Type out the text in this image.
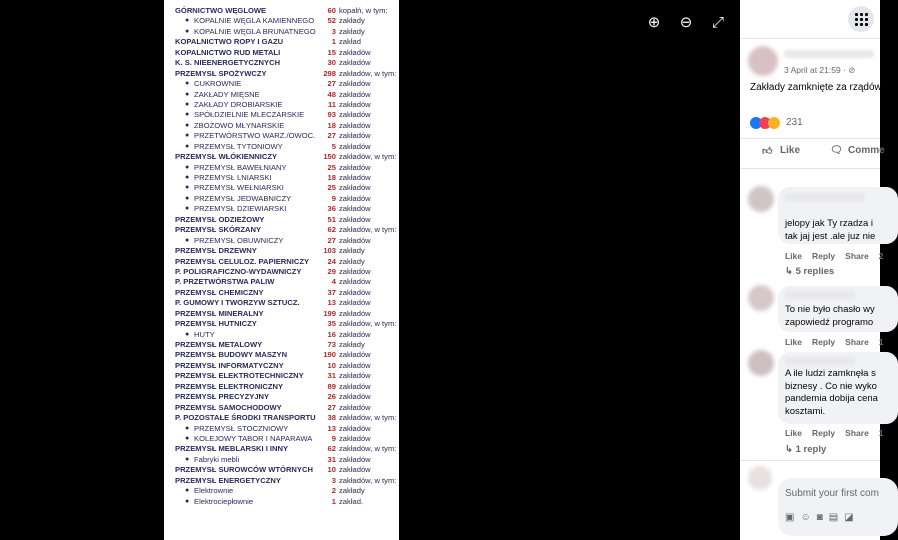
GÓRNICTWO WĘGLOWE	60 kopalń, w tym:
● KOPALNIE WĘGLA KAMIENNEGO	52 zakłady
● KOPALNIE WĘGLA BRUNATNEGO	3 zakłady
KOPALNICTWO ROPY I GAZU	1 zakład
KOPALNICTWO RUD METALI	15 zakładów
K. S. NIEENERGETYCZNYCH	30 zakładów
PRZEMYSŁ SPOŻYWCZY	298 zakładów, w tym:
● CUKROWNIE	27 zakładów
● ZAKŁADY MIĘSNE	48 zakładów
● ZAKŁADY DROBIARSKIE	11 zakładów
● SPÓŁDZIELNIE MLECZARSKIE	93 zakładów
● ZBOŻOWO MŁYNARSKIE	18 zakładów
● PRZETWÓRSTWO WARZ./OWOC.	27 zakładów
● PRZEMYSŁ TYTONIOWY	5 zakładów
PRZEMYSŁ WŁÓKIENNICZY	150 zakładów, w tym:
● PRZEMYSŁ BAWEŁNIANY	25 zakładów
● PRZEMYSŁ LNIARSKI	18 zakładów
● PRZEMYSŁ WEŁNIARSKI	25 zakładów
● PRZEMYSŁ JEDWABNICZY	9 zakładów
● PRZEMYSŁ DZIEWIARSKI	36 zakładów
PRZEMYSŁ ODZIEŻOWY	51 zakładów
PRZEMYSŁ SKÓRZANY	62 zakładów, w tym:
● PRZEMYSŁ OBUWNICZY	27 zakładów
PRZEMYSŁ DRZEWNY	103 zakłady
PRZEMYSŁ CELULOZ. PAPIERNICZY	24 zakłady
P. POLIGRAFICZNO-WYDAWNICZY	29 zakładów
P. PRZETWÓRSTWA PALIW	4 zakładów
PRZEMYSŁ CHEMICZNY	37 zakładów
P. GUMOWY I TWORZYW SZTUCZ.	13 zakładów
PRZEMYSŁ MINERALNY	199 zakładów
PRZEMYSŁ HUTNICZY	35 zakładów, w tym:
● HUTY	16 zakładów
PRZEMYSŁ METALOWY	73 zakłady
PRZEMYSŁ BUDOWY MASZYN	190 zakładów
PRZEMYSŁ INFORMATYCZNY	10 zakładów
PRZEMYSŁ ELEKTROTECHNICZNY	31 zakładów
PRZEMYSŁ ELEKTRONICZNY	89 zakładów
PRZEMYSŁ PRECYZYJNY	26 zakładów
PRZEMYSŁ SAMOCHODOWY	27 zakładów
P. POZOSTAŁE ŚRODKI TRANSPORTU	38 zakładów, w tym:
● PRZEMYSŁ STOCZNIOWY	13 zakładów
● KOLEJOWY TABOR I NAPARAWA	9 zakładów
PRZEMYSŁ MEBLARSKI I INNY	62 zakładów, w tym:
● Fabryki mebli	31 zakładów
PRZEMYSŁ SUROWCÓW WTÓRNYCH	10 zakładów
PRZEMYSŁ ENERGETYCZNY	3 zakładów, w tym:
● Elektrownie	2 zakłady
● Elektrociepłownie	1 zakład.
⊕	⊖	⤢
3 April at 21:59 · ⊘
Zakłady zamknięte za rządów
231
👍︎ Like	🗨︎ Comme
jelopy jak Ty rzadza i
tak jaj jest .ale juz nie
Like Reply Share 2
↳ 5 replies
To nie było chasło wy
zapowiedź programo
Like Reply Share 1
A ile ludzi zamknęła s
biznesy . Co nie wyko
pandemia dobija cena
kosztami.
Like Reply Share 1
↳ 1 reply
Submit your first com
▣ ☺ ◙ ▤ ◪
